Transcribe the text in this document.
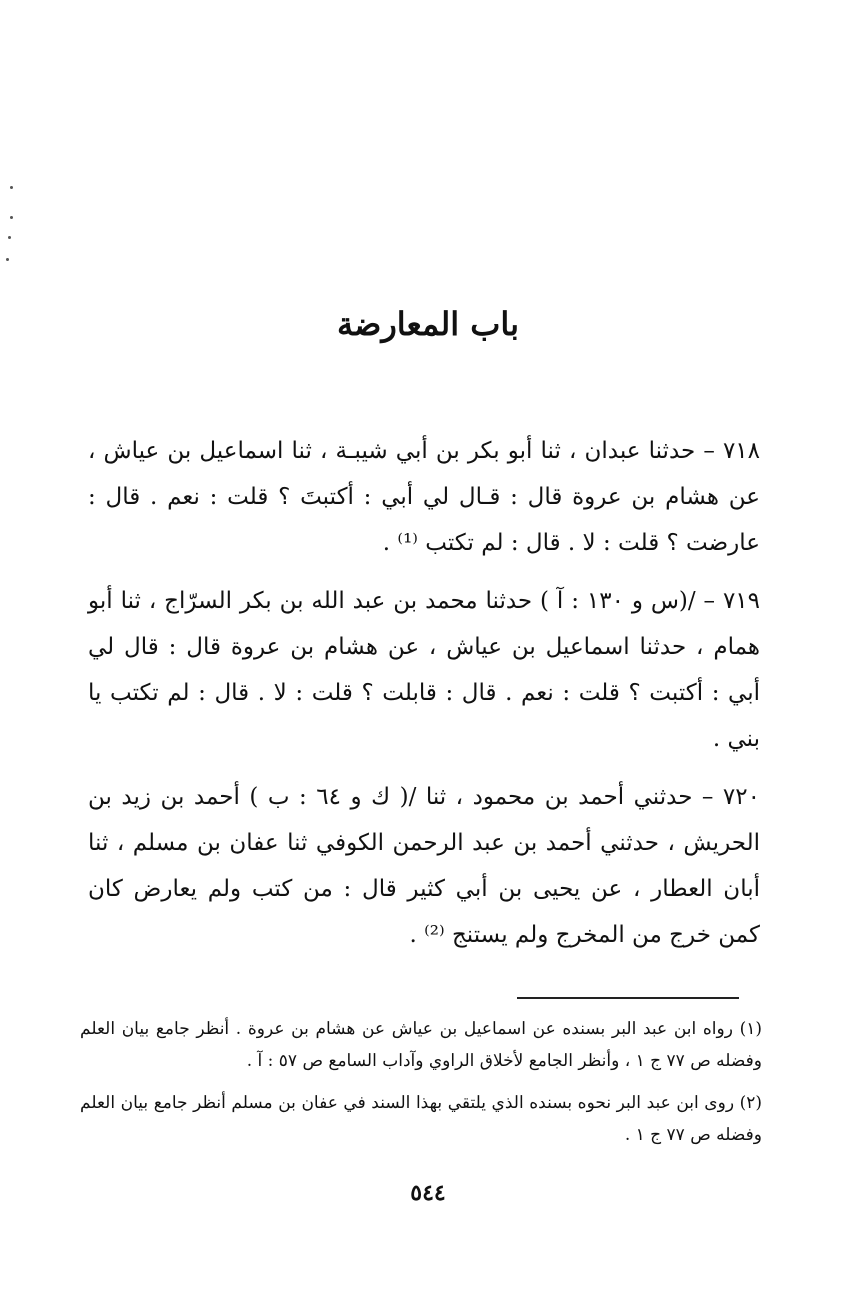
باب المعارضة

٧١٨ – حدثنا عبدان ، ثنا أبو بكر بن أبي شيبـة ، ثنا اسماعيل بن عياش ، عن هشام بن عروة قال : قـال لي أبي : أكتبتَ ؟ قلت : نعم . قال : عارضت ؟ قلت : لا . قال : لم تكتب ⁽¹⁾ .

٧١٩ – /(س و ١٣٠ : آ ) حدثنا محمد بن عبد الله بن بكر السرّاج ، ثنا أبو همام ، حدثنا اسماعيل بن عياش ، عن هشام بن عروة قال : قال لي أبي : أكتبت ؟ قلت : نعم . قال : قابلت ؟ قلت : لا . قال : لم تكتب يا بني .

٧٢٠ – حدثني أحمد بن محمود ، ثنا /( ك و ٦٤ : ب ) أحمد بن زيد بن الحريش ، حدثني أحمد بن عبد الرحمن الكوفي ثنا عفان بن مسلم ، ثنا أبان العطار ، عن يحيى بن أبي كثير قال : من كتب ولم يعارض كان كمن خرج من المخرج ولم يستنج ⁽²⁾ .

(١) رواه ابن عبد البر بسنده عن اسماعيل بن عياش عن هشام بن عروة . أنظر جامع بيان العلم وفضله ص ٧٧ ج ١ ، وأنظر الجامع لأخلاق الراوي وآداب السامع ص ٥٧ : آ .

(٢) روى ابن عبد البر نحوه بسنده الذي يلتقي بهذا السند في عفان بن مسلم أنظر جامع بيان العلم وفضله ص ٧٧ ج ١ .

٥٤٤
